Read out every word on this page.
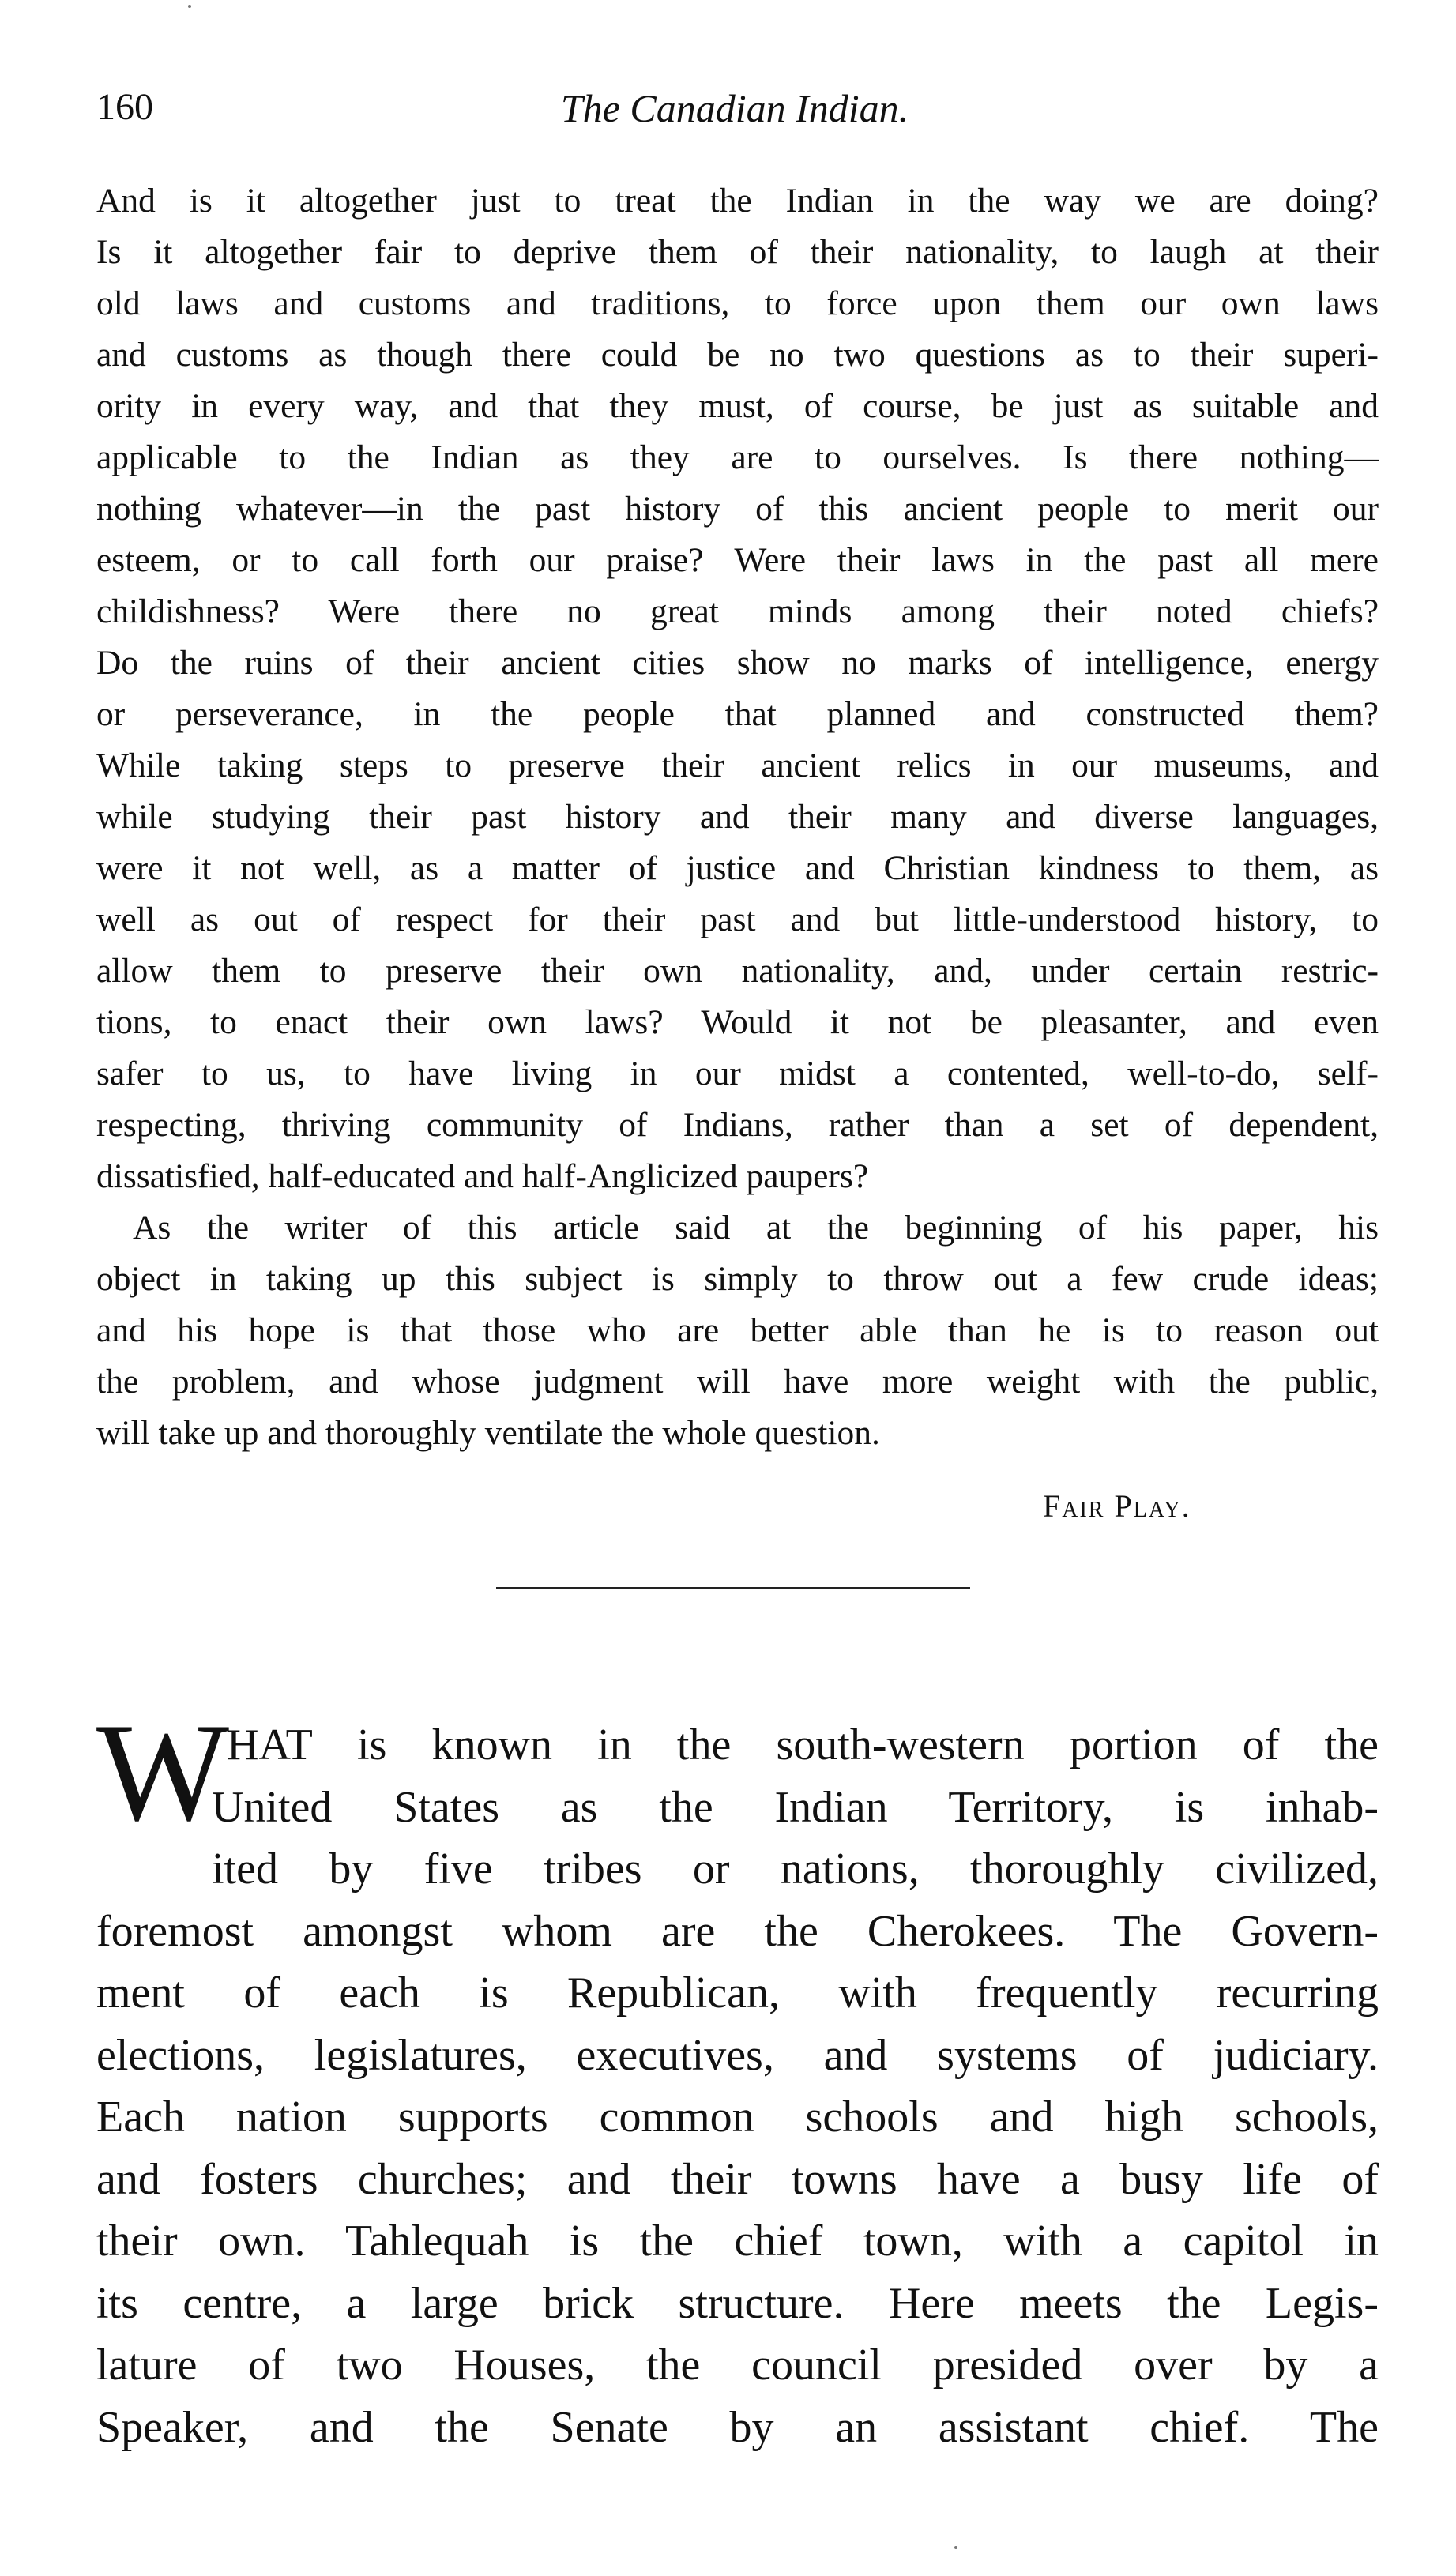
160	The Canadian Indian.
And is it altogether just to treat the Indian in the way we are doing?
Is it altogether fair to deprive them of their nationality, to laugh at their
old laws and customs and traditions, to force upon them our own laws
and customs as though there could be no two questions as to their superi-
ority in every way, and that they must, of course, be just as suitable and
applicable to the Indian as they are to ourselves. Is there nothing—
nothing whatever—in the past history of this ancient people to merit our
esteem, or to call forth our praise? Were their laws in the past all mere
childishness? Were there no great minds among their noted chiefs?
Do the ruins of their ancient cities show no marks of intelligence, energy
or perseverance, in the people that planned and constructed them?
While taking steps to preserve their ancient relics in our museums, and
while studying their past history and their many and diverse languages,
were it not well, as a matter of justice and Christian kindness to them, as
well as out of respect for their past and but little-understood history, to
allow them to preserve their own nationality, and, under certain restric-
tions, to enact their own laws? Would it not be pleasanter, and even
safer to us, to have living in our midst a contented, well-to-do, self-
respecting, thriving community of Indians, rather than a set of dependent,
dissatisfied, half-educated and half-Anglicized paupers?
As the writer of this article said at the beginning of his paper, his
object in taking up this subject is simply to throw out a few crude ideas;
and his hope is that those who are better able than he is to reason out
the problem, and whose judgment will have more weight with the public,
will take up and thoroughly ventilate the whole question.
Fair Play.
W
HAT is known in the south-western portion of the
United States as the Indian Territory, is inhab-
ited by five tribes or nations, thoroughly civilized,
foremost amongst whom are the Cherokees. The Govern-
ment of each is Republican, with frequently recurring
elections, legislatures, executives, and systems of judiciary.
Each nation supports common schools and high schools,
and fosters churches; and their towns have a busy life of
their own. Tahlequah is the chief town, with a capitol in
its centre, a large brick structure. Here meets the Legis-
lature of two Houses, the council presided over by a
Speaker, and the Senate by an assistant chief. The
